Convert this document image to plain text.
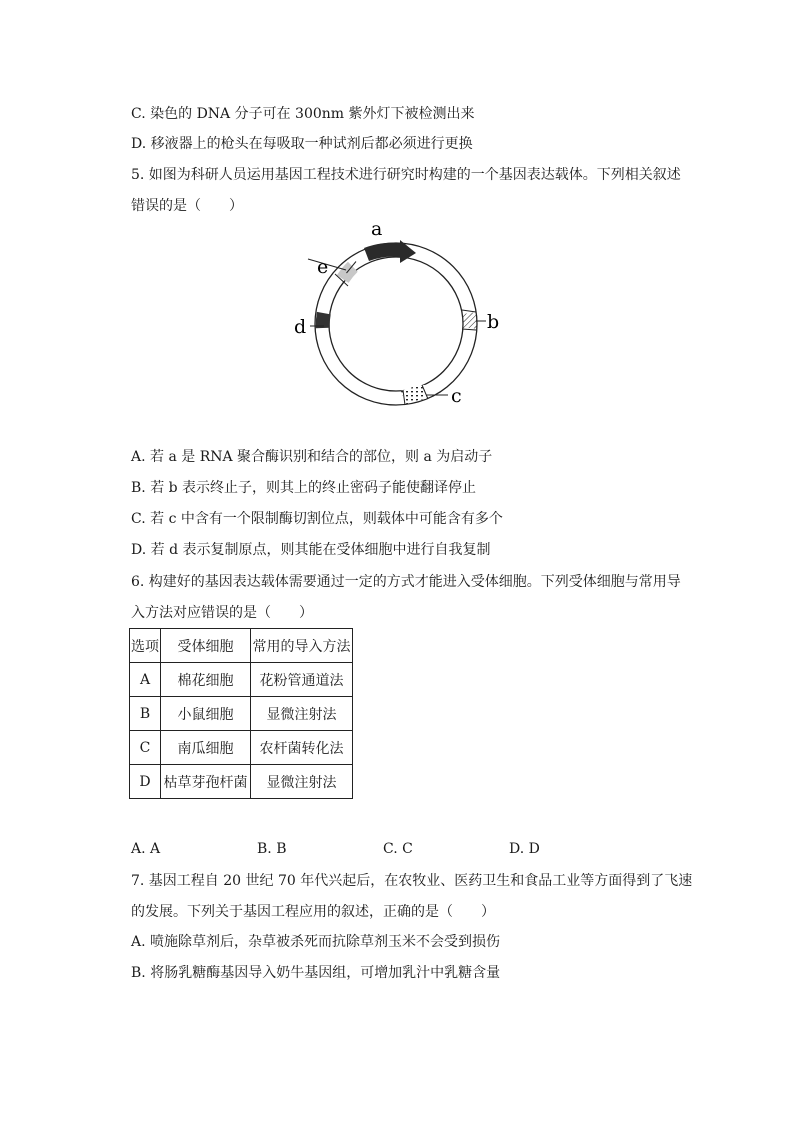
C. 染色的 DNA 分子可在 300nm 紫外灯下被检测出来
D. 移液器上的枪头在每吸取一种试剂后都必须进行更换
5. 如图为科研人员运用基因工程技术进行研究时构建的一个基因表达载体。下列相关叙述
错误的是（　　）
a
e
d	b
c
A. 若 a 是 RNA 聚合酶识别和结合的部位，则 a 为启动子
B. 若 b 表示终止子，则其上的终止密码子能使翻译停止
C. 若 c 中含有一个限制酶切割位点，则载体中可能含有多个
D. 若 d 表示复制原点，则其能在受体细胞中进行自我复制
6. 构建好的基因表达载体需要通过一定的方式才能进入受体细胞。下列受体细胞与常用导
入方法对应错误的是（　　）
选项	受体细胞	常用的导入方法
A	棉花细胞	花粉管通道法
B	小鼠细胞	显微注射法
C	南瓜细胞	农杆菌转化法
D	枯草芽孢杆菌	显微注射法
A. A	B. B	C. C	D. D
7. 基因工程自 20 世纪 70 年代兴起后，在农牧业、医药卫生和食品工业等方面得到了飞速
的发展。下列关于基因工程应用的叙述，正确的是（　　）
A. 喷施除草剂后，杂草被杀死而抗除草剂玉米不会受到损伤
B. 将肠乳糖酶基因导入奶牛基因组，可增加乳汁中乳糖含量
